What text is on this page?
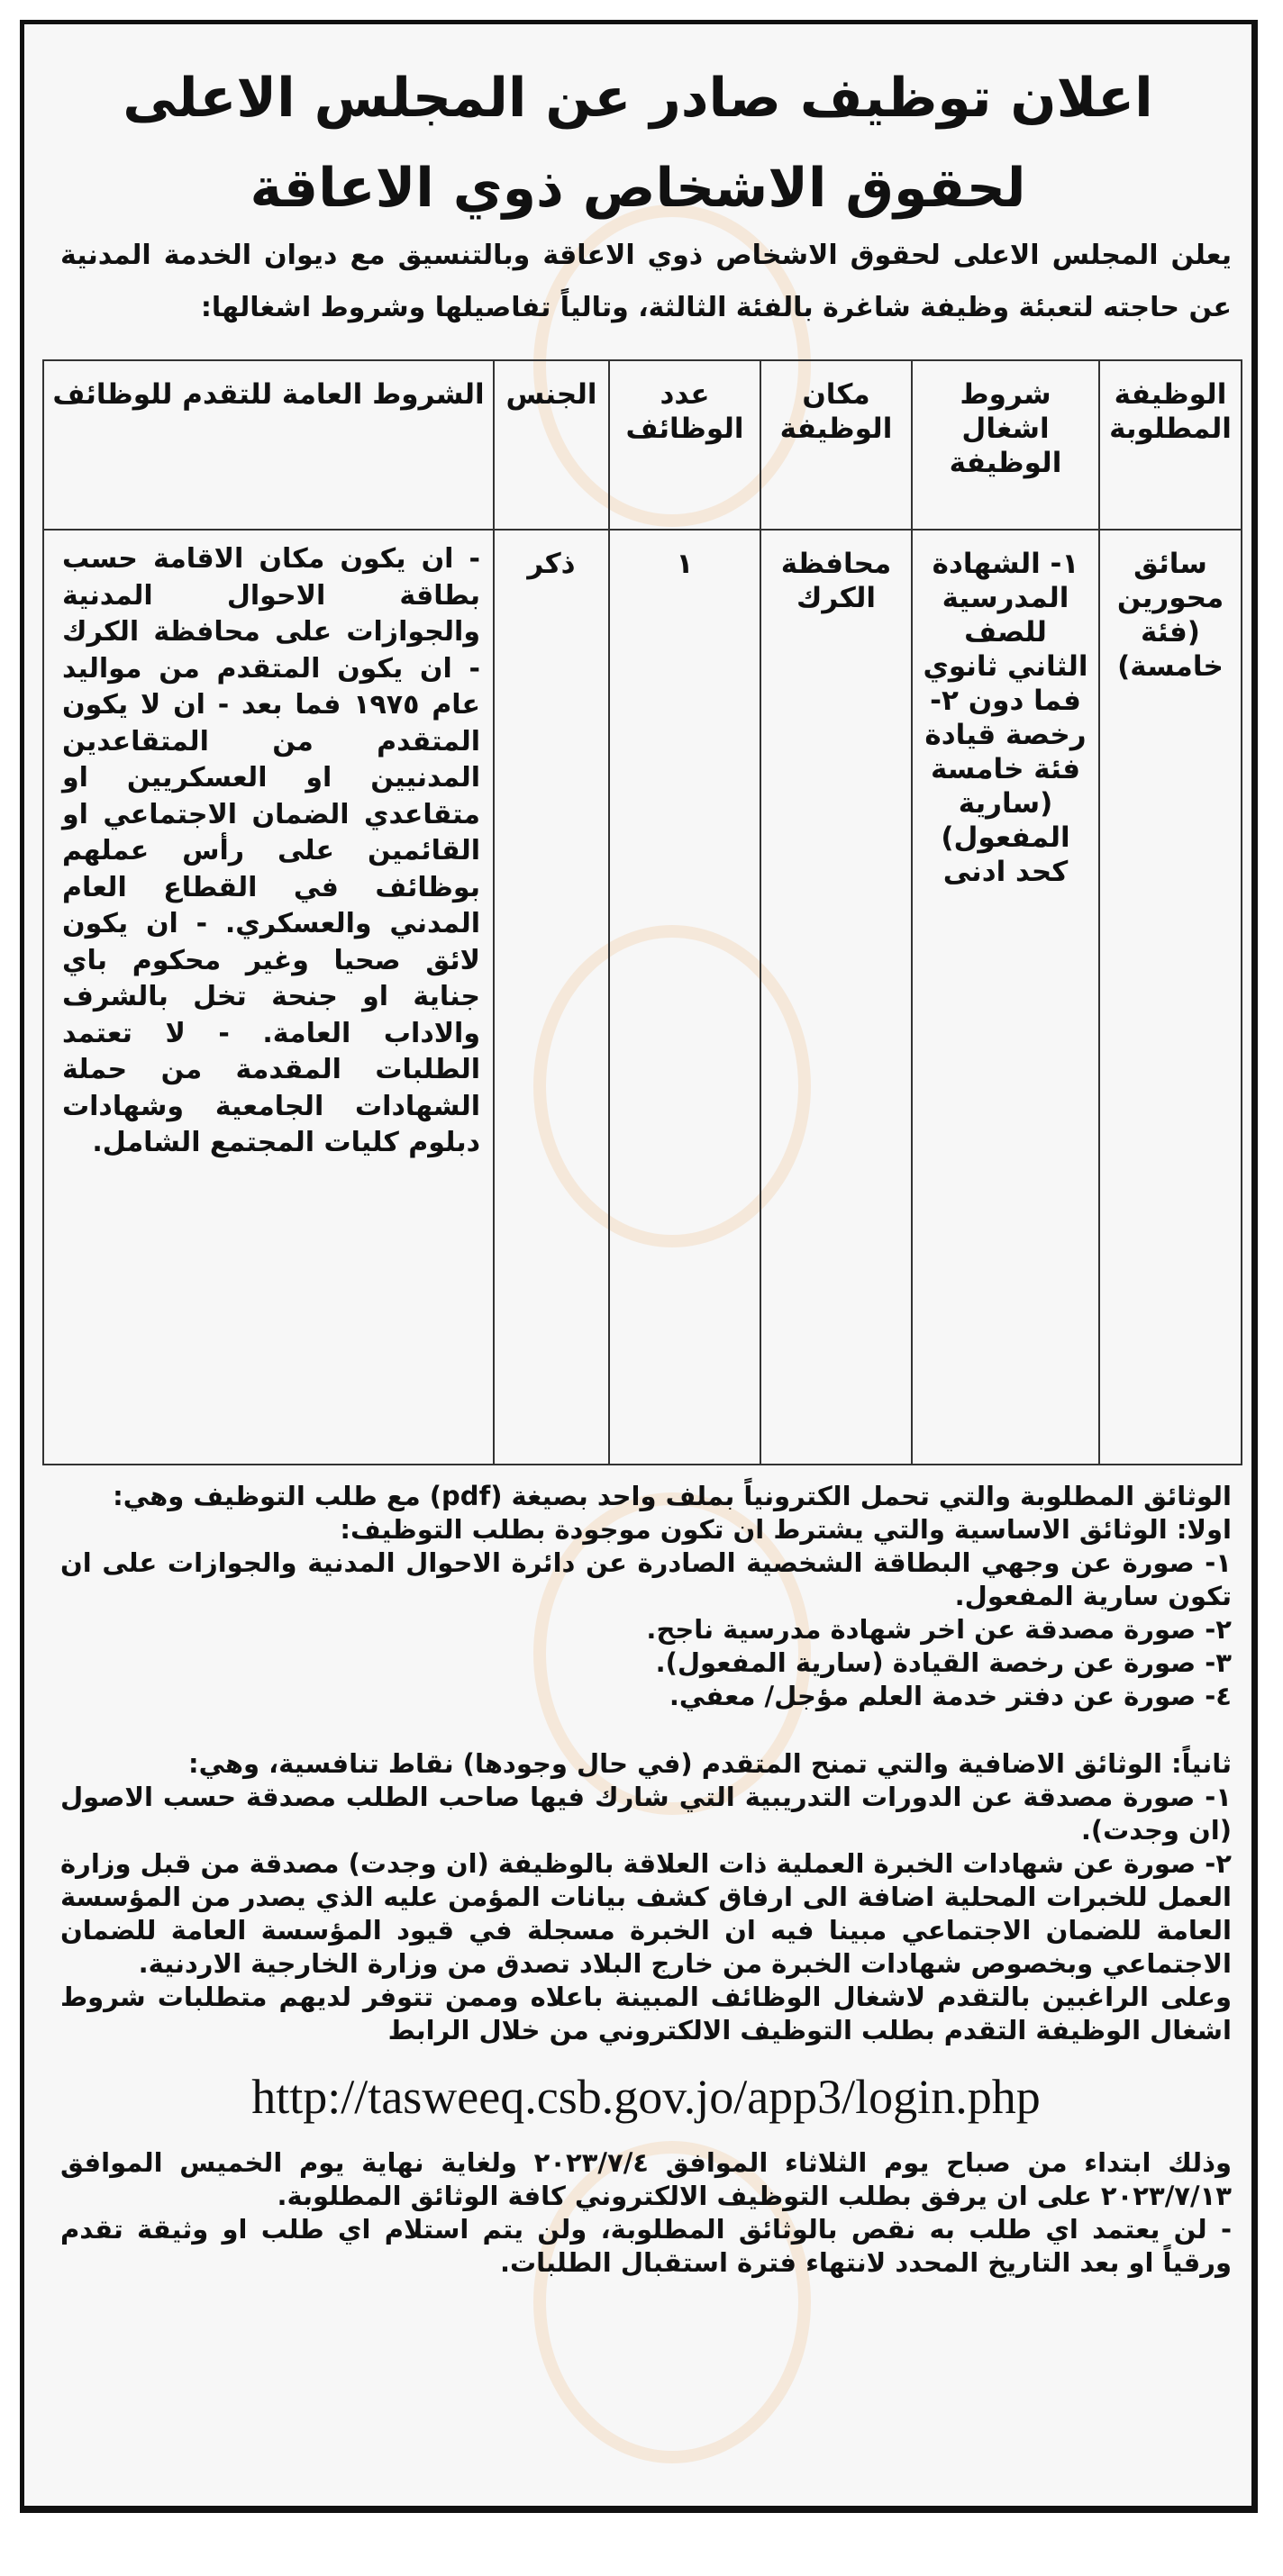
اعلان توظيف صادر عن المجلس الاعلى
لحقوق الاشخاص ذوي الاعاقة
يعلن المجلس الاعلى لحقوق الاشخاص ذوي الاعاقة وبالتنسيق مع ديوان الخدمة المدنية عن حاجته لتعبئة وظيفة شاغرة بالفئة الثالثة، وتالياً تفاصيلها وشروط اشغالها:
الوظيفة المطلوبة	شروط اشغال الوظيفة	مكان الوظيفة	عدد الوظائف	الجنس	الشروط العامة للتقدم للوظائف
سائق محورين (فئة خامسة)	١- الشهادة المدرسية للصف الثاني ثانوي فما دون ٢- رخصة قيادة فئة خامسة (سارية المفعول) كحد ادنى	محافظة الكرك	١	ذكر	- ان يكون مكان الاقامة حسب بطاقة الاحوال المدنية والجوازات على محافظة الكرك - ان يكون المتقدم من مواليد عام ١٩٧٥ فما بعد - ان لا يكون المتقدم من المتقاعدين المدنيين او العسكريين او متقاعدي الضمان الاجتماعي او القائمين على رأس عملهم بوظائف في القطاع العام المدني والعسكري. - ان يكون لائق صحيا وغير محكوم باي جناية او جنحة تخل بالشرف والاداب العامة. - لا تعتمد الطلبات المقدمة من حملة الشهادات الجامعية وشهادات دبلوم كليات المجتمع الشامل.

الوثائق المطلوبة والتي تحمل الكترونياً بملف واحد بصيغة (pdf) مع طلب التوظيف وهي:

اولا: الوثائق الاساسية والتي يشترط ان تكون موجودة بطلب التوظيف:

١- صورة عن وجهي البطاقة الشخصية الصادرة عن دائرة الاحوال المدنية والجوازات على ان تكون سارية المفعول.

٢- صورة مصدقة عن اخر شهادة مدرسية ناجح.

٣- صورة عن رخصة القيادة (سارية المفعول).

٤- صورة عن دفتر خدمة العلم مؤجل/ معفي.

ثانياً: الوثائق الاضافية والتي تمنح المتقدم (في حال وجودها) نقاط تنافسية، وهي:

١- صورة مصدقة عن الدورات التدريبية التي شارك فيها صاحب الطلب مصدقة حسب الاصول (ان وجدت).

٢- صورة عن شهادات الخبرة العملية ذات العلاقة بالوظيفة (ان وجدت) مصدقة من قبل وزارة العمل للخبرات المحلية اضافة الى ارفاق كشف بيانات المؤمن عليه الذي يصدر من المؤسسة العامة للضمان الاجتماعي مبينا فيه ان الخبرة مسجلة في قيود المؤسسة العامة للضمان الاجتماعي وبخصوص شهادات الخبرة من خارج البلاد تصدق من وزارة الخارجية الاردنية.

وعلى الراغبين بالتقدم لاشغال الوظائف المبينة باعلاه وممن تتوفر لديهم متطلبات شروط اشغال الوظيفة التقدم بطلب التوظيف الالكتروني من خلال الرابط

http://tasweeq.csb.gov.jo/app3/login.php

وذلك ابتداء من صباح يوم الثلاثاء الموافق ٢٠٢٣/٧/٤ ولغاية نهاية يوم الخميس الموافق ٢٠٢٣/٧/١٣ على ان يرفق بطلب التوظيف الالكتروني كافة الوثائق المطلوبة.

- لن يعتمد اي طلب به نقص بالوثائق المطلوبة، ولن يتم استلام اي طلب او وثيقة تقدم ورقياً او بعد التاريخ المحدد لانتهاء فترة استقبال الطلبات.
